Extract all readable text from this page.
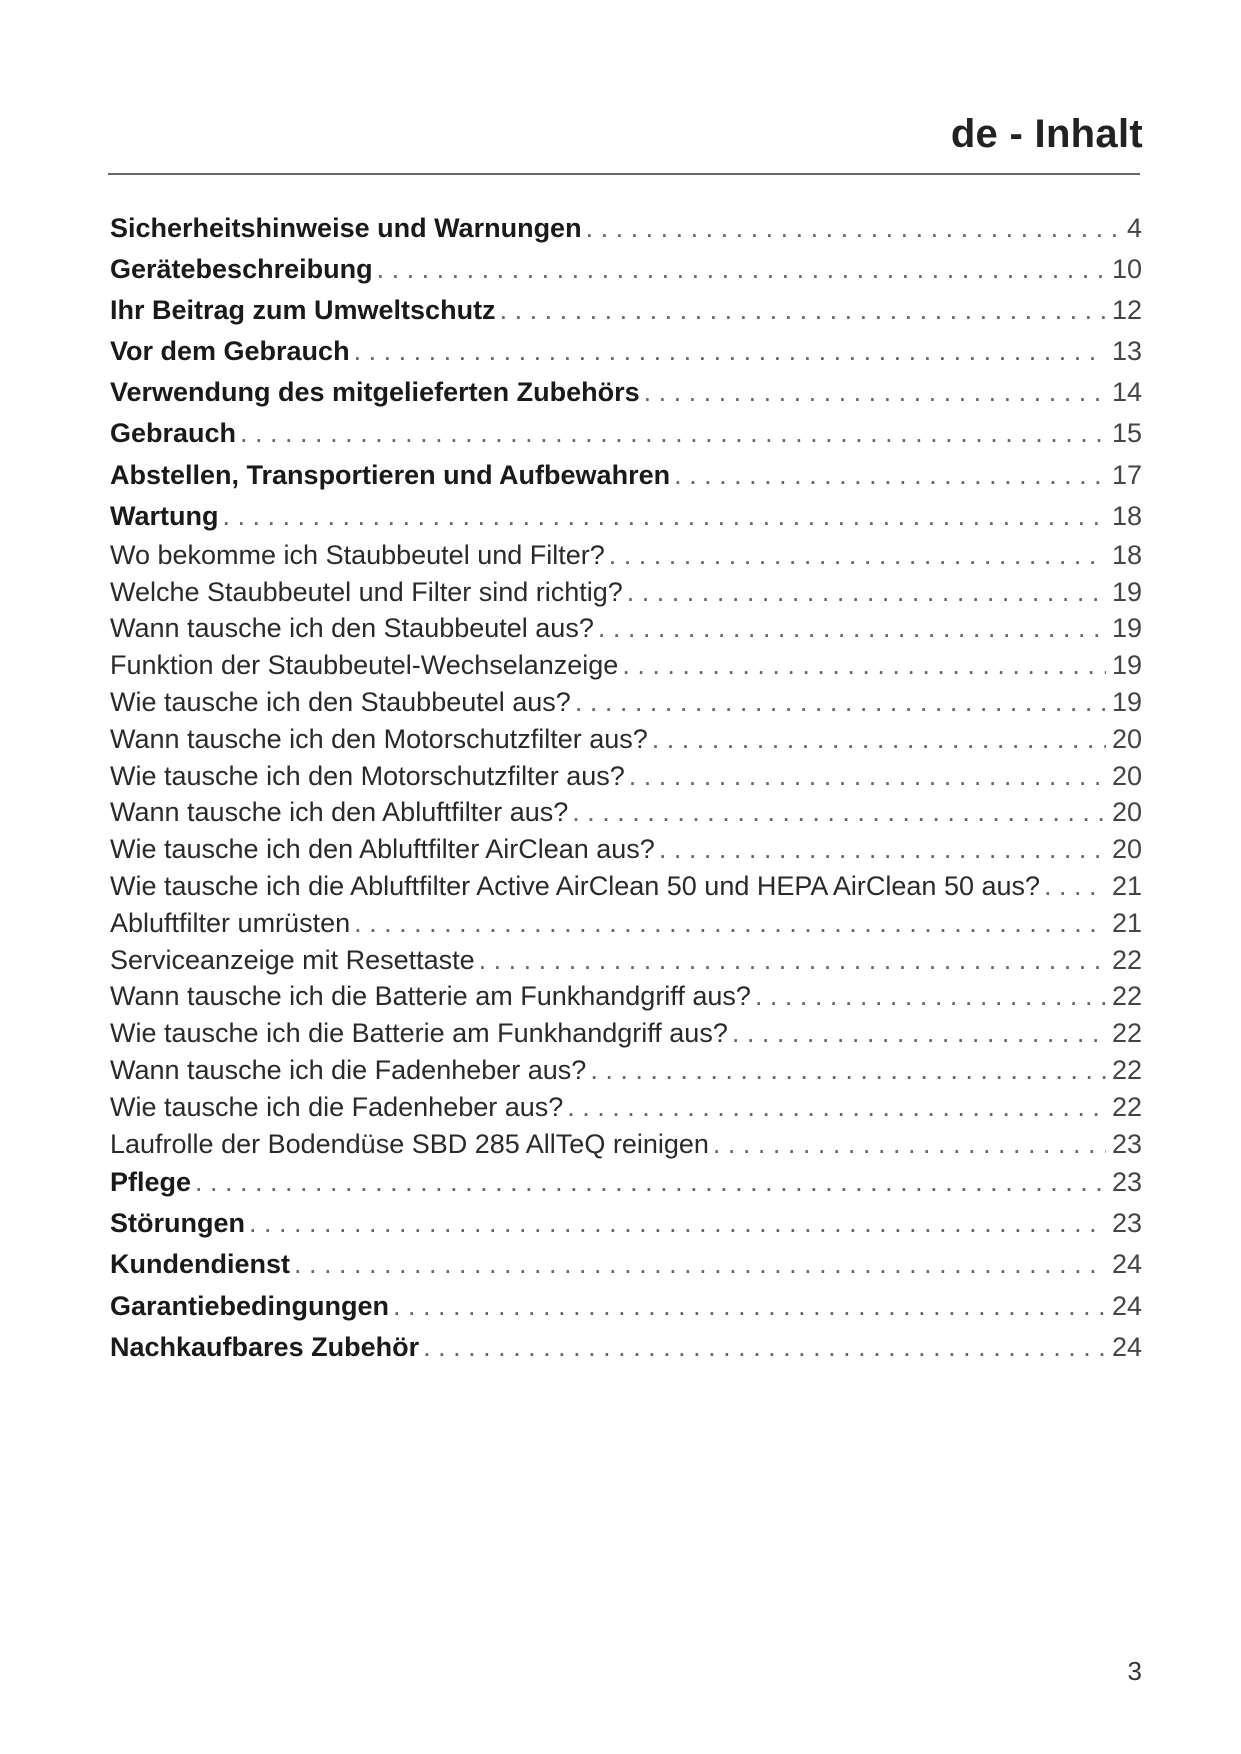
de - Inhalt
Sicherheitshinweise und Warnungen . . .	4
Gerätebeschreibung . . .	10
Ihr Beitrag zum Umweltschutz . . .	12
Vor dem Gebrauch . . .	13
Verwendung des mitgelieferten Zubehörs . . .	14
Gebrauch . . .	15
Abstellen, Transportieren und Aufbewahren . . .	17
Wartung . . .	18
Wo bekomme ich Staubbeutel und Filter? . . .	18
Welche Staubbeutel und Filter sind richtig? . . .	19
Wann tausche ich den Staubbeutel aus? . . .	19
Funktion der Staubbeutel-Wechselanzeige . . .	19
Wie tausche ich den Staubbeutel aus? . . .	19
Wann tausche ich den Motorschutzfilter aus? . . .	20
Wie tausche ich den Motorschutzfilter aus? . . .	20
Wann tausche ich den Abluftfilter aus? . . .	20
Wie tausche ich den Abluftfilter AirClean aus? . . .	20
Wie tausche ich die Abluftfilter Active AirClean 50 und HEPA AirClean 50 aus? . . .	21
Abluftfilter umrüsten . . .	21
Serviceanzeige mit Resettaste . . .	22
Wann tausche ich die Batterie am Funkhandgriff aus? . . .	22
Wie tausche ich die Batterie am Funkhandgriff aus? . . .	22
Wann tausche ich die Fadenheber aus? . . .	22
Wie tausche ich die Fadenheber aus? . . .	22
Laufrolle der Bodendüse SBD 285 AllTeQ reinigen . . .	23
Pflege . . .	23
Störungen . . .	23
Kundendienst . . .	24
Garantiebedingungen . . .	24
Nachkaufbares Zubehör . . .	24
3
